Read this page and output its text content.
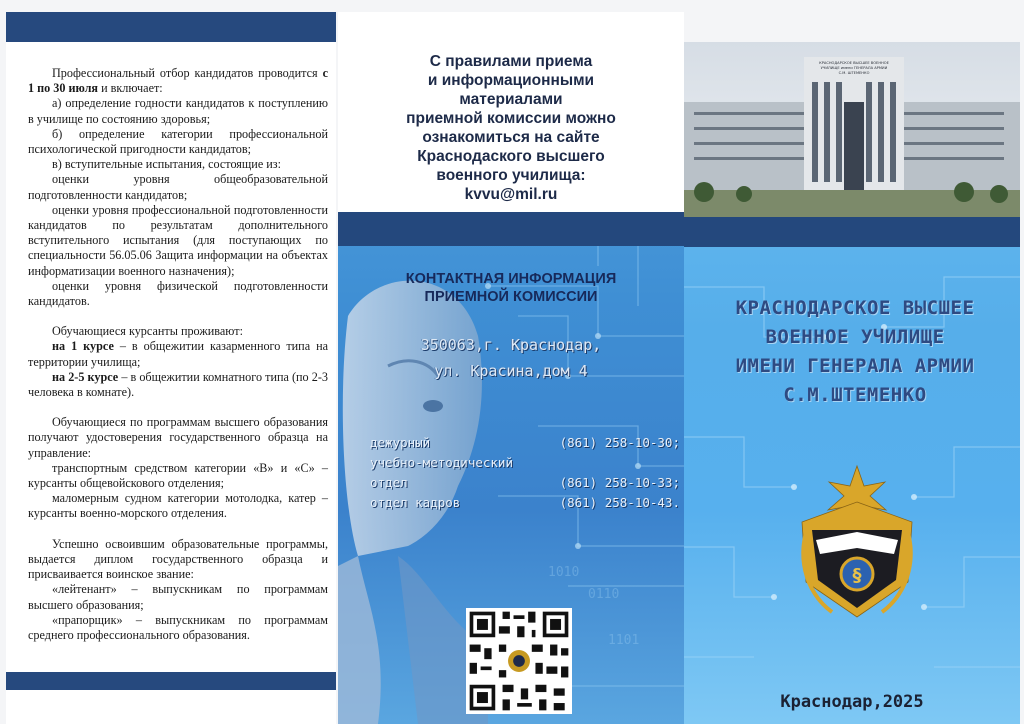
Профессиональный отбор кандидатов проводится с 1 по 30 июля и включает:

а) определение годности кандидатов к поступлению в училище по состоянию здоровья;

б) определение категории профессиональной психологической пригодности кандидатов;

в) вступительные испытания, состоящие из:

оценки уровня общеобразовательной подготовленности кандидатов;

оценки уровня профессиональной подготовленности кандидатов по результатам дополнительного вступительного испытания (для поступающих по специальности 56.05.06 Защита информации на объектах информатизации военного назначения);

оценки уровня физической подготовленности кандидатов.

Обучающиеся курсанты проживают:

на 1 курсе – в общежитии казарменного типа на территории училища;

на 2-5 курсе – в общежитии комнатного типа (по 2-3 человека в комнате).

Обучающиеся по программам высшего образования получают удостоверения государственного образца на управление:

транспортным средством категории «В» и «С» – курсанты общевойскового отделения;

маломерным судном категории мотолодка, катер – курсанты военно-морского отделения.

Успешно освоившим образовательные программы, выдается диплом государственного образца и присваивается воинское звание:

«лейтенант» – выпускникам по программам высшего образования;

«прапорщик» – выпускникам по программам среднего профессионального образования.

С правилами приема
и информационными
материалами
приемной комиссии можно
ознакомиться на сайте
Краснодаского высшего
военного училища:
kvvu@mil.ru
1010
0110
1101
КОНТАКТНАЯ ИНФОРМАЦИЯ
ПРИЕМНОЙ КОМИССИИ
350063,г. Краснодар,
ул. Красина,дом 4
дежурный	(861) 258-10-30;
учебно-методический
отдел	(861) 258-10-33;
отдел кадров	(861) 258-10-43.
КРАСНОДАРСКОЕ ВЫСШЕЕ ВОЕННОЕ
УЧИЛИЩЕ имени ГЕНЕРАЛА АРМИИ
С.М. ШТЕМЕНКО
КРАСНОДАРСКОЕ ВЫСШЕЕ
ВОЕННОЕ УЧИЛИЩЕ
ИМЕНИ ГЕНЕРАЛА АРМИИ
С.М.ШТЕМЕНКО
§
Краснодар,2025
